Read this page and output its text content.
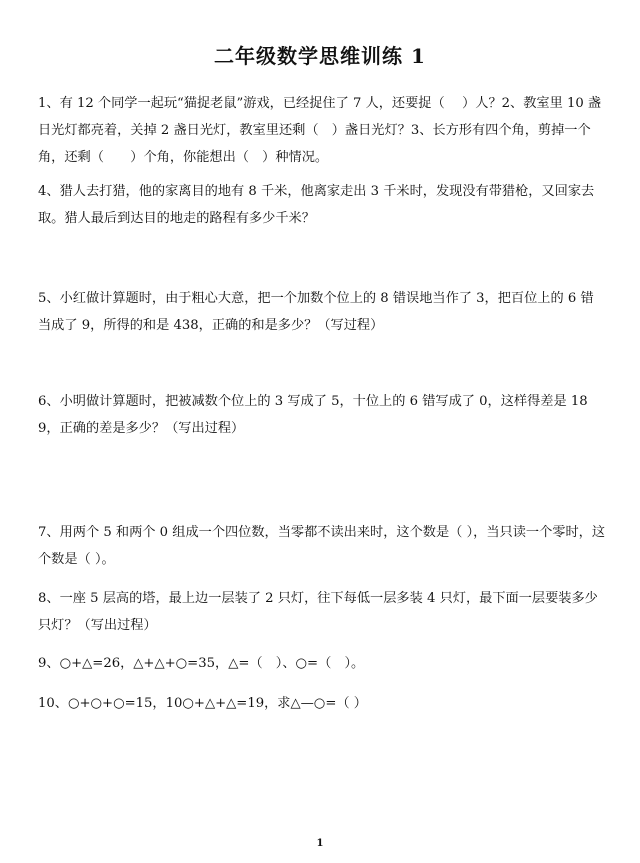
二年级数学思维训练 1
1、有 12 个同学一起玩“猫捉老鼠”游戏，已经捉住了 7 人，还要捉（　 ）人？2、教室里 10 盏日光灯都亮着，关掉 2 盏日光灯，教室里还剩（　）盏日光灯？3、长方形有四个角，剪掉一个角，还剩（　　）个角，你能想出（　）种情况。
4、猎人去打猎，他的家离目的地有 8 千米，他离家走出 3 千米时，发现没有带猎枪，又回家去取。猎人最后到达目的地走的路程有多少千米？
5、小红做计算题时，由于粗心大意，把一个加数个位上的 8 错误地当作了 3，把百位上的 6 错当成了 9，所得的和是 438，正确的和是多少？（写过程）
6、小明做计算题时，把被减数个位上的 3 写成了 5，十位上的 6 错写成了 0，这样得差是 189，正确的差是多少？（写出过程）
7、用两个 5 和两个 0 组成一个四位数，当零都不读出来时，这个数是（ ），当只读一个零时，这个数是（ ）。
8、一座 5 层高的塔，最上边一层装了 2 只灯，往下每低一层多装 4 只灯，最下面一层要装多少只灯？（写出过程）
9、○+△=26，△+△+○=35，△=（　）、○=（　）。
10、○+○+○=15，10○+△+△=19，求△—○=（ ）
1
